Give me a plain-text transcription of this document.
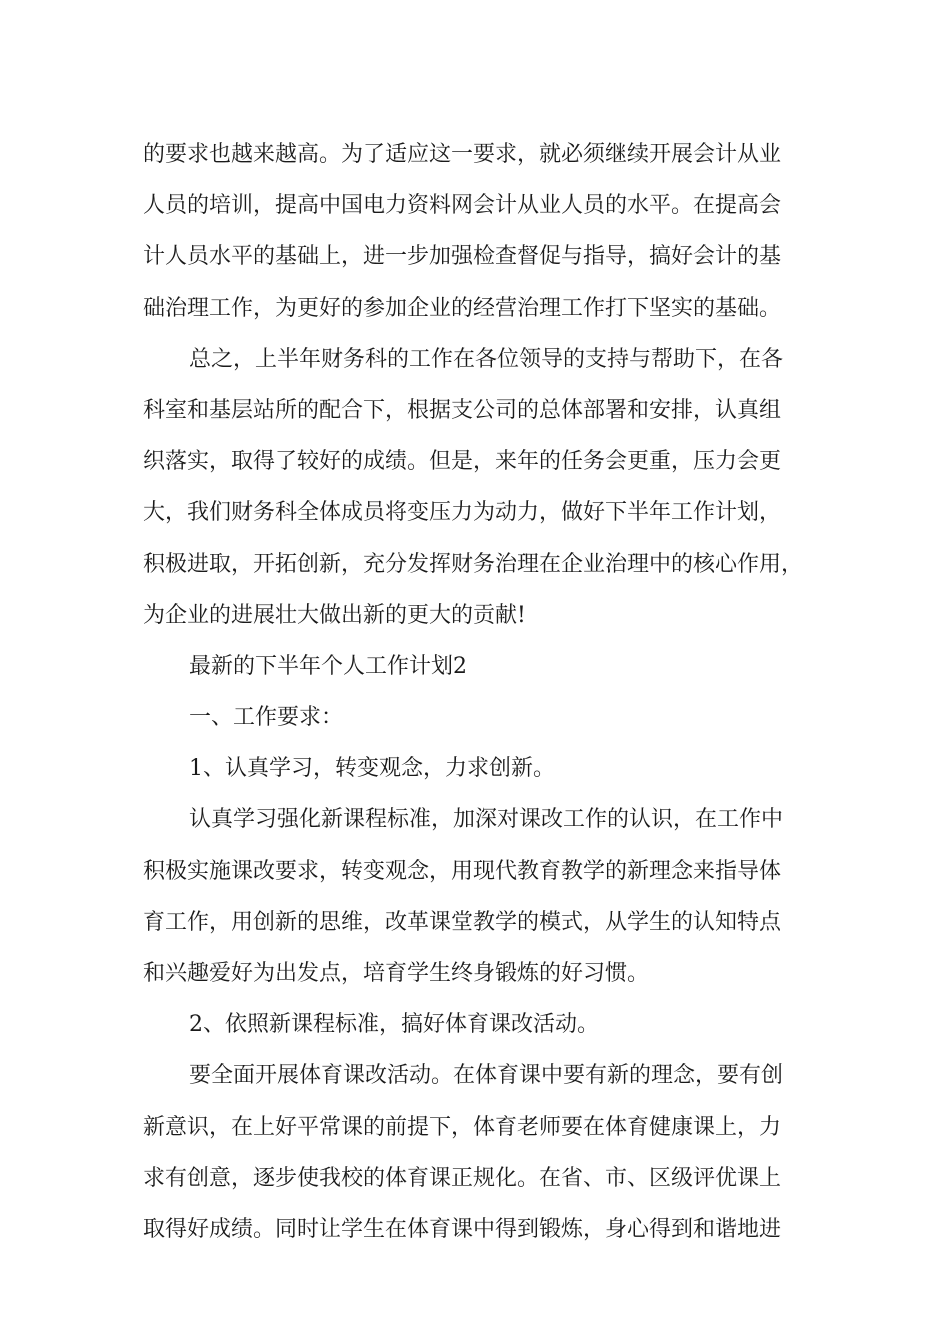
的要求也越来越高。为了适应这一要求，就必须继续开展会计从业
人员的培训，提高中国电力资料网会计从业人员的水平。在提高会
计人员水平的基础上，进一步加强检查督促与指导，搞好会计的基
础治理工作，为更好的参加企业的经营治理工作打下坚实的基础。
总之，上半年财务科的工作在各位领导的支持与帮助下，在各
科室和基层站所的配合下，根据支公司的总体部署和安排，认真组
织落实，取得了较好的成绩。但是，来年的任务会更重，压力会更
大，我们财务科全体成员将变压力为动力，做好下半年工作计划，
积极进取，开拓创新，充分发挥财务治理在企业治理中的核心作用，
为企业的进展壮大做出新的更大的贡献!
最新的下半年个人工作计划2
一、工作要求：
1、认真学习，转变观念，力求创新。
认真学习强化新课程标准，加深对课改工作的认识，在工作中
积极实施课改要求，转变观念，用现代教育教学的新理念来指导体
育工作，用创新的思维，改革课堂教学的模式，从学生的认知特点
和兴趣爱好为出发点，培育学生终身锻炼的好习惯。
2、依照新课程标准，搞好体育课改活动。
要全面开展体育课改活动。在体育课中要有新的理念，要有创
新意识，在上好平常课的前提下，体育老师要在体育健康课上，力
求有创意，逐步使我校的体育课正规化。在省、市、区级评优课上
取得好成绩。同时让学生在体育课中得到锻炼，身心得到和谐地进
